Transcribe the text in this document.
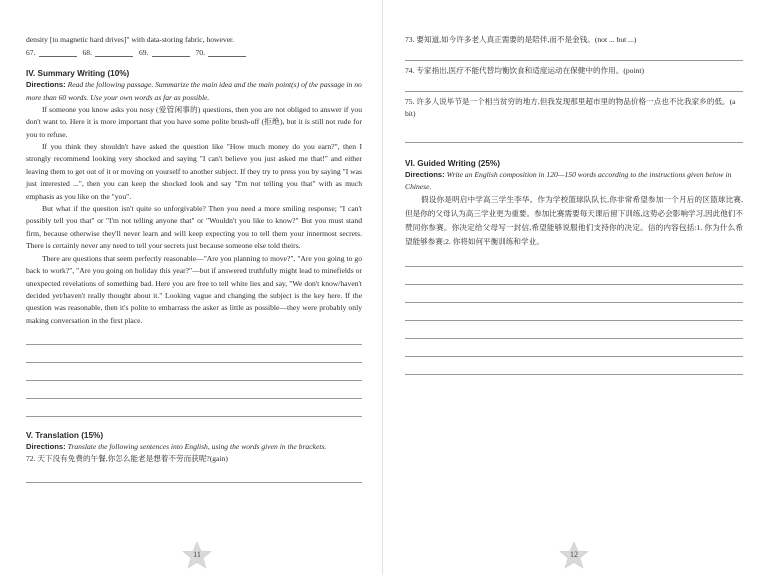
density [to magnetic hard drives]" with data-storing fabric, however.

67.	68.	69.	70.

IV. Summary Writing (10%)

Directions: Read the following passage. Summarize the main idea and the main point(s) of the passage in no more than 60 words. Use your own words as far as possible.

If someone you know asks you nosy (爱管闲事的) questions, then you are not obliged to answer if you don't want to. Here it is more important that you have some polite brush-off (拒绝), but it is still not rude for you to refuse.

If you think they shouldn't have asked the question like "How much money do you earn?", then I strongly recommend looking very shocked and saying "I can't believe you just asked me that!" and either leaving them to get out of it or moving on yourself to another subject. If they try to press you by saying "I was just interested ...", then you can keep the shocked look and say "I'm not telling you that" with as much emphasis as you like on the "you".

But what if the question isn't quite so unforgivable? Then you need a more smiling response; "I can't possibly tell you that" or "I'm not telling anyone that" or "Wouldn't you like to know?" But you must stand firm, because otherwise they'll never learn and will keep expecting you to tell them your innermost secrets. There is certainly never any need to tell your secrets just because someone else told theirs.

There are questions that seem perfectly reasonable—"Are you planning to move?", "Are you going to go back to work?", "Are you going on holiday this year?"—but if answered truthfully might lead to minefields or unexpected revelations of something bad. Here you are free to tell white lies and say, "We don't know/haven't decided yet/haven't really thought about it." Looking vague and changing the subject is the key here. If the question was reasonable, then it's polite to embarrass the asker as little as possible—they were probably only making conversation in the first place.

V. Translation (15%)

Directions: Translate the following sentences into English, using the words given in the brackets.

72. 天下没有免费的午餐,你怎么能老是想着不劳而获呢?(gain)

11

73. 要知道,如今许多老人真正需要的是陪伴,而不是金钱。(not ... but ...)

74. 专家指出,医疗不能代替均衡饮食和适度运动在保健中的作用。(point)

75. 许多人说毕节是一个相当贫穷的地方,但我发现那里超市里的物品价格一点也不比我家乡的低。(a bit)

VI. Guided Writing (25%)

Directions: Write an English composition in 120—150 words according to the instructions given below in Chinese.

假设你是明启中学高三学生李华。作为学校篮球队队长,你非常希望参加一个月后的区篮球比赛,但是你的父母认为高三学业更为重要。参加比赛需要每天课后留下训练,这势必会影响学习,因此他们不赞同你参赛。你决定给父母写一封信,希望能够说服他们支持你的决定。信的内容包括:1. 你为什么希望能够参赛;2. 你将如何平衡训练和学业。

12
